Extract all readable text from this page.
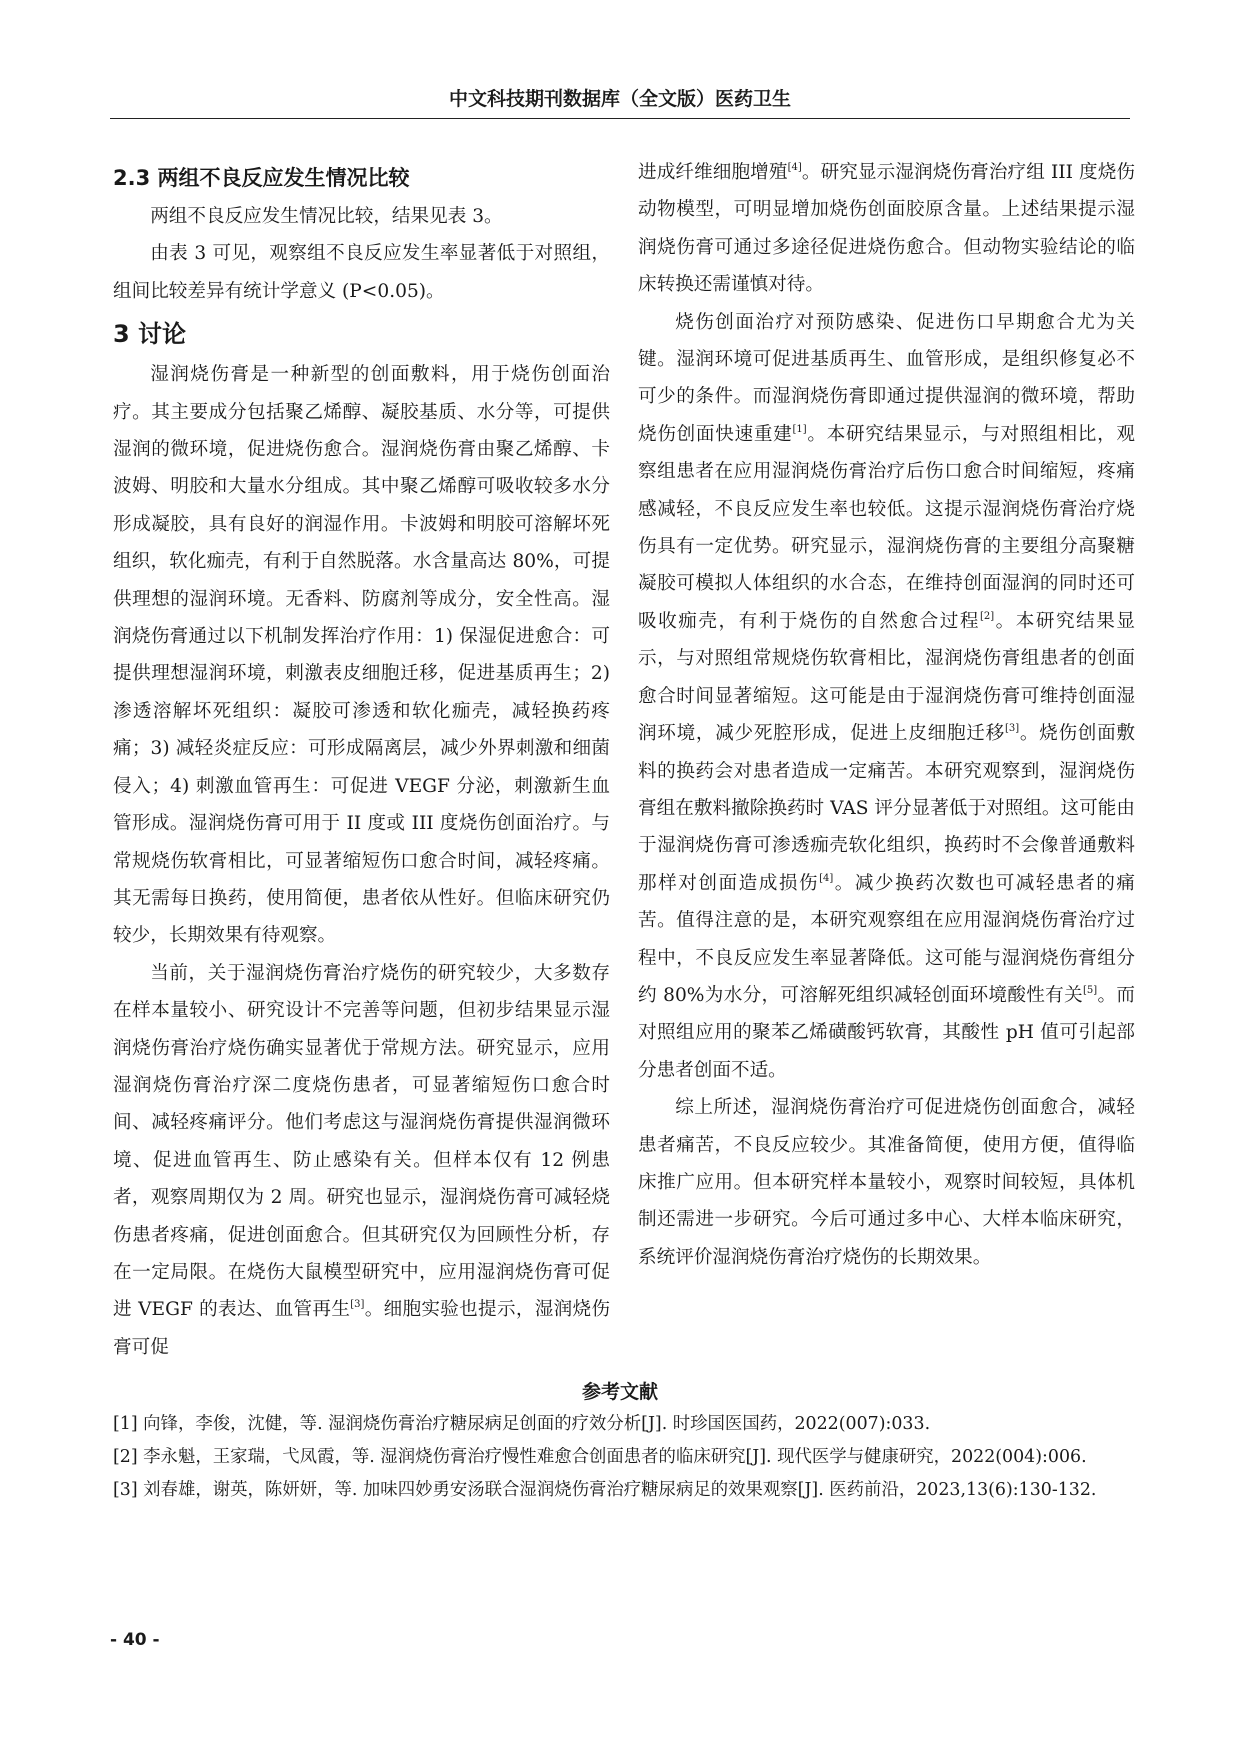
中文科技期刊数据库（全文版）医药卫生
2.3 两组不良反应发生情况比较

两组不良反应发生情况比较，结果见表 3。

由表 3 可见，观察组不良反应发生率显著低于对照组，组间比较差异有统计学意义 (P<0.05)。

3 讨论

湿润烧伤膏是一种新型的创面敷料，用于烧伤创面治疗。其主要成分包括聚乙烯醇、凝胶基质、水分等，可提供湿润的微环境，促进烧伤愈合。湿润烧伤膏由聚乙烯醇、卡波姆、明胶和大量水分组成。其中聚乙烯醇可吸收较多水分形成凝胶，具有良好的润湿作用。卡波姆和明胶可溶解坏死组织，软化痂壳，有利于自然脱落。水含量高达 80%，可提供理想的湿润环境。无香料、防腐剂等成分，安全性高。湿润烧伤膏通过以下机制发挥治疗作用：1) 保湿促进愈合：可提供理想湿润环境，刺激表皮细胞迁移，促进基质再生；2) 渗透溶解坏死组织：凝胶可渗透和软化痂壳，减轻换药疼痛；3) 减轻炎症反应：可形成隔离层，减少外界刺激和细菌侵入；4) 刺激血管再生：可促进 VEGF 分泌，刺激新生血管形成。湿润烧伤膏可用于 II 度或 III 度烧伤创面治疗。与常规烧伤软膏相比，可显著缩短伤口愈合时间，减轻疼痛。其无需每日换药，使用简便，患者依从性好。但临床研究仍较少，长期效果有待观察。

当前，关于湿润烧伤膏治疗烧伤的研究较少，大多数存在样本量较小、研究设计不完善等问题，但初步结果显示湿润烧伤膏治疗烧伤确实显著优于常规方法。研究显示，应用湿润烧伤膏治疗深二度烧伤患者，可显著缩短伤口愈合时间、减轻疼痛评分。他们考虑这与湿润烧伤膏提供湿润微环境、促进血管再生、防止感染有关。但样本仅有 12 例患者，观察周期仅为 2 周。研究也显示，湿润烧伤膏可减轻烧伤患者疼痛，促进创面愈合。但其研究仅为回顾性分析，存在一定局限。在烧伤大鼠模型研究中，应用湿润烧伤膏可促进 VEGF 的表达、血管再生[3]。细胞实验也提示，湿润烧伤膏可促

进成纤维细胞增殖[4]。研究显示湿润烧伤膏治疗组 III 度烧伤动物模型，可明显增加烧伤创面胶原含量。上述结果提示湿润烧伤膏可通过多途径促进烧伤愈合。但动物实验结论的临床转换还需谨慎对待。

烧伤创面治疗对预防感染、促进伤口早期愈合尤为关键。湿润环境可促进基质再生、血管形成，是组织修复必不可少的条件。而湿润烧伤膏即通过提供湿润的微环境，帮助烧伤创面快速重建[1]。本研究结果显示，与对照组相比，观察组患者在应用湿润烧伤膏治疗后伤口愈合时间缩短，疼痛感减轻，不良反应发生率也较低。这提示湿润烧伤膏治疗烧伤具有一定优势。研究显示，湿润烧伤膏的主要组分高聚糖凝胶可模拟人体组织的水合态，在维持创面湿润的同时还可吸收痂壳，有利于烧伤的自然愈合过程[2]。本研究结果显示，与对照组常规烧伤软膏相比，湿润烧伤膏组患者的创面愈合时间显著缩短。这可能是由于湿润烧伤膏可维持创面湿润环境，减少死腔形成，促进上皮细胞迁移[3]。烧伤创面敷料的换药会对患者造成一定痛苦。本研究观察到，湿润烧伤膏组在敷料撤除换药时 VAS 评分显著低于对照组。这可能由于湿润烧伤膏可渗透痂壳软化组织，换药时不会像普通敷料那样对创面造成损伤[4]。减少换药次数也可减轻患者的痛苦。值得注意的是，本研究观察组在应用湿润烧伤膏治疗过程中，不良反应发生率显著降低。这可能与湿润烧伤膏组分约 80%为水分，可溶解死组织减轻创面环境酸性有关[5]。而对照组应用的聚苯乙烯磺酸钙软膏，其酸性 pH 值可引起部分患者创面不适。

综上所述，湿润烧伤膏治疗可促进烧伤创面愈合，减轻患者痛苦，不良反应较少。其准备简便，使用方便，值得临床推广应用。但本研究样本量较小，观察时间较短，具体机制还需进一步研究。今后可通过多中心、大样本临床研究，系统评价湿润烧伤膏治疗烧伤的长期效果。

参考文献

[1] 向锋，李俊，沈健，等. 湿润烧伤膏治疗糖尿病足创面的疗效分析[J]. 时珍国医国药，2022(007):033.

[2] 李永魁，王家瑞，弋凤霞，等. 湿润烧伤膏治疗慢性难愈合创面患者的临床研究[J]. 现代医学与健康研究，2022(004):006.

[3] 刘春雄，谢英，陈妍妍，等. 加味四妙勇安汤联合湿润烧伤膏治疗糖尿病足的效果观察[J]. 医药前沿，2023,13(6):130-132.

- 40 -
